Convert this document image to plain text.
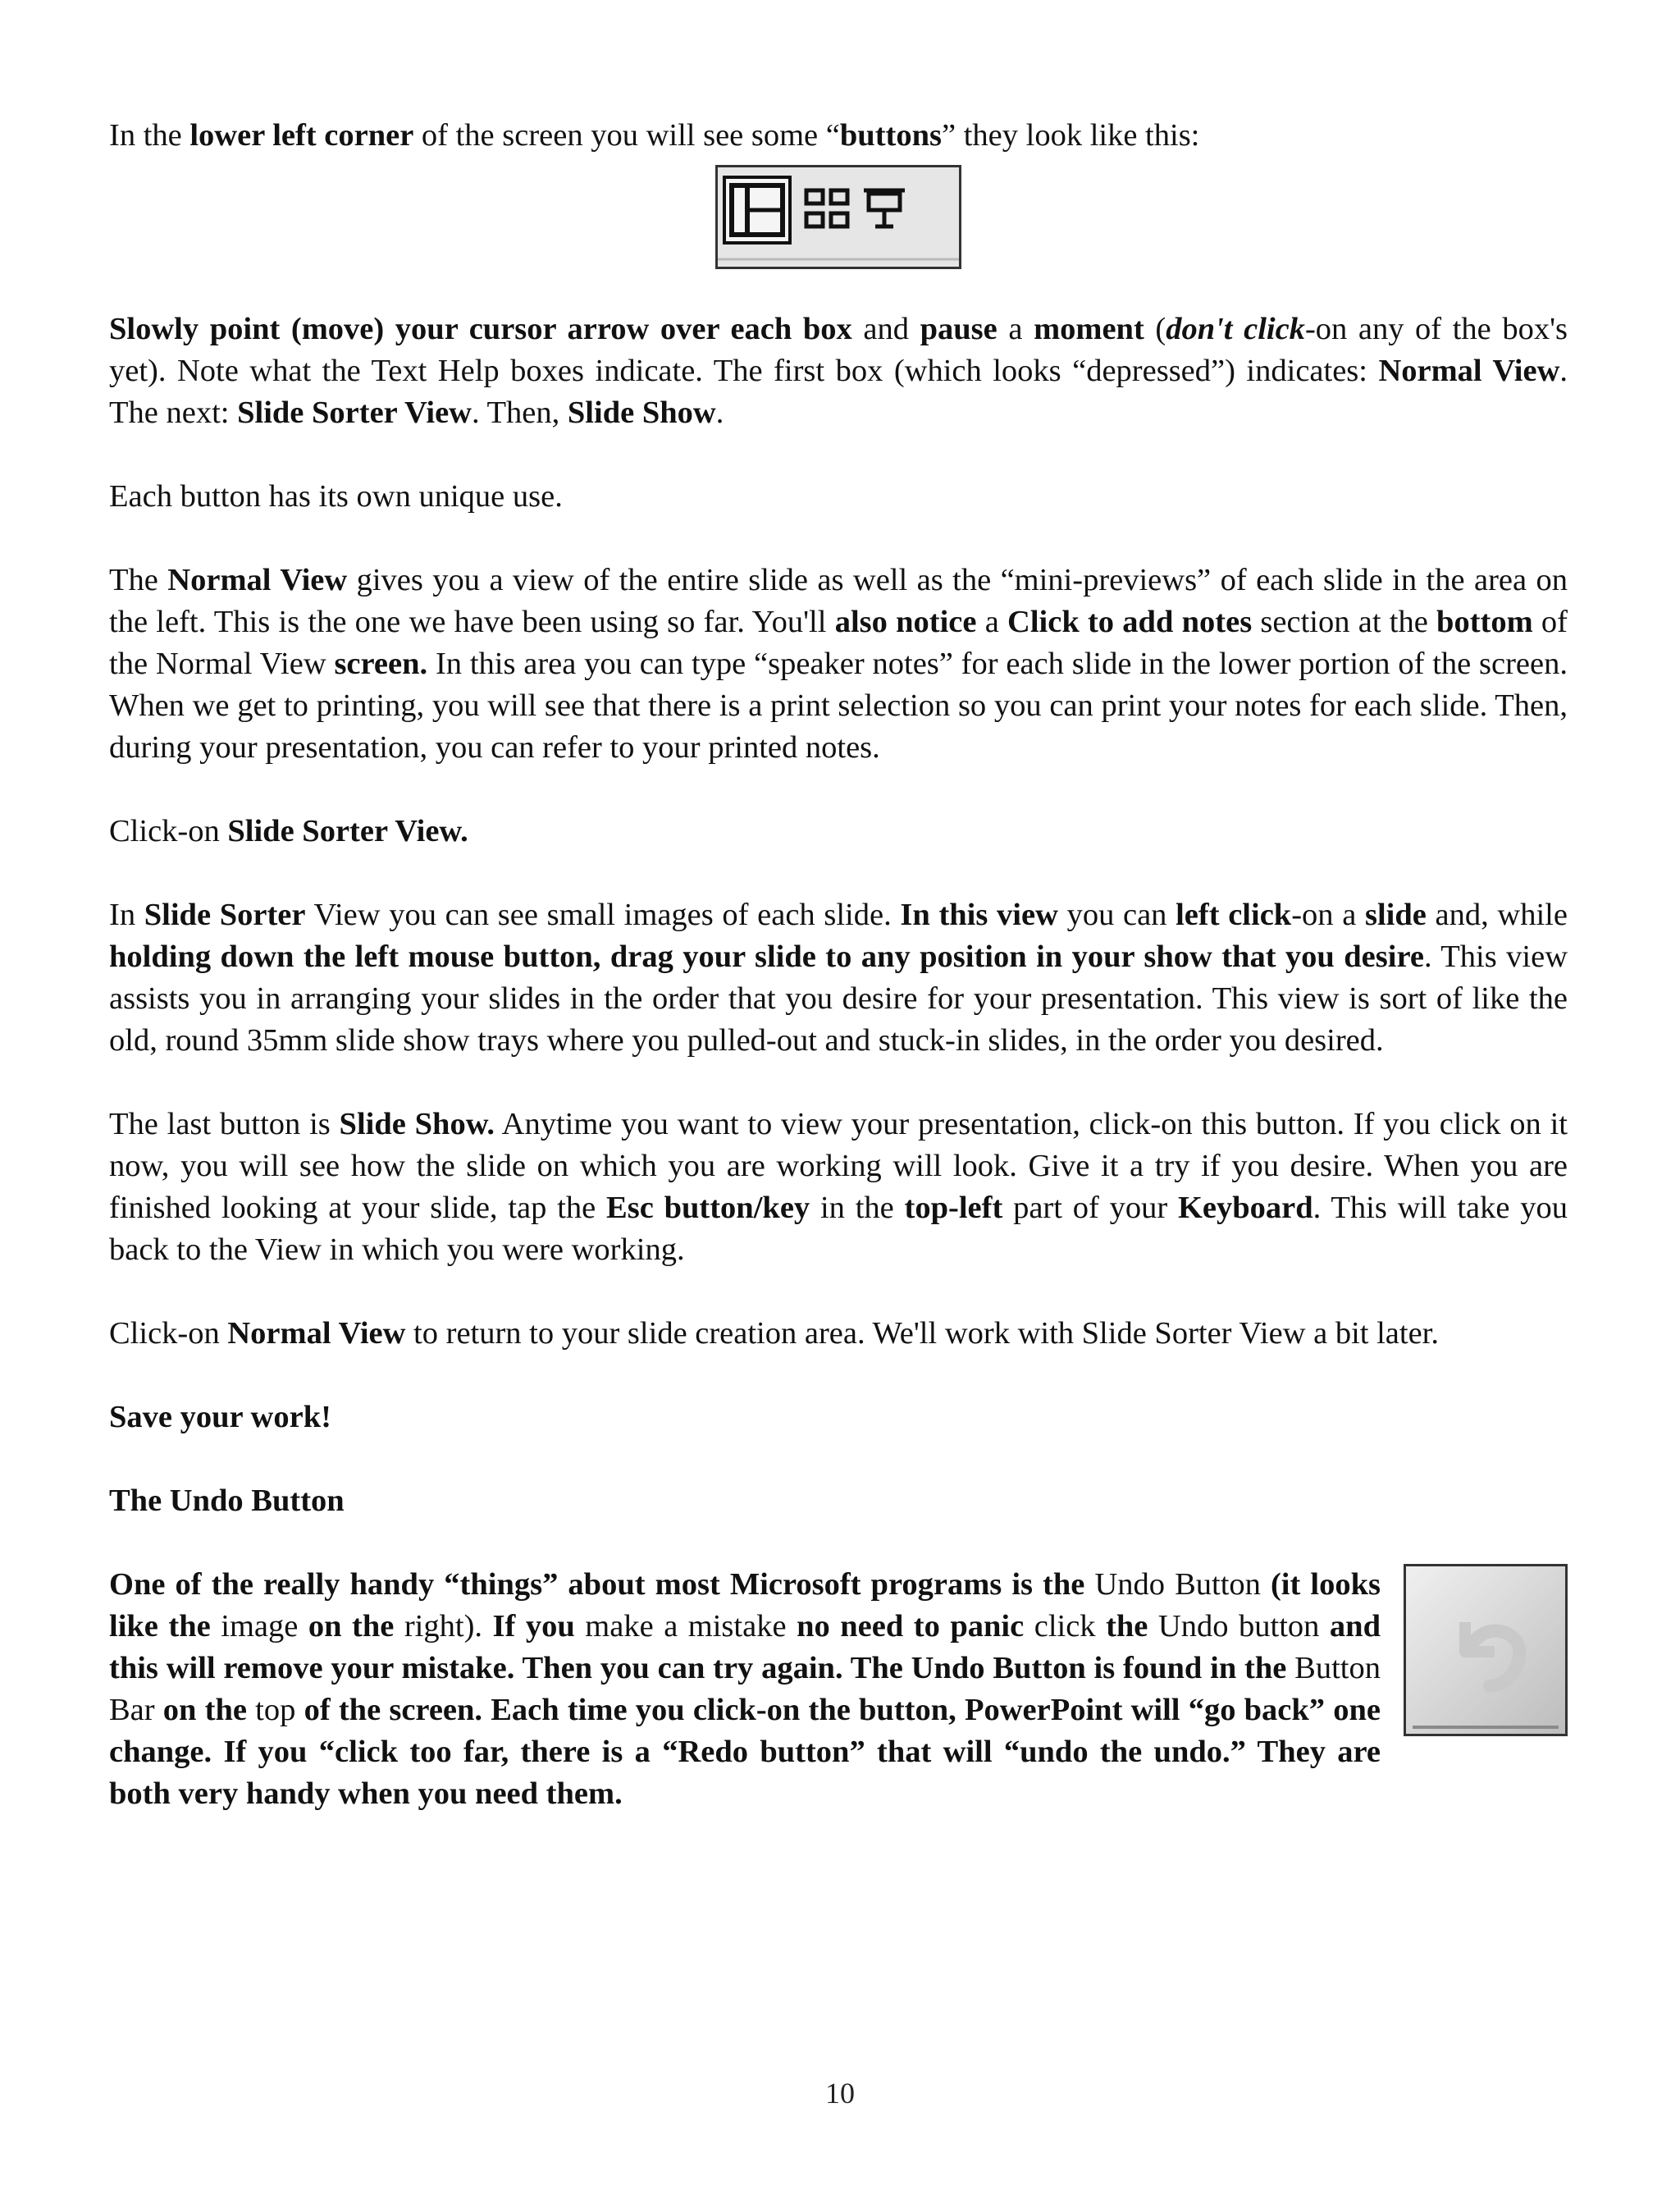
In the lower left corner of the screen you will see some “buttons” they look like this:

Slowly point (move) your cursor arrow over each box and pause a moment (don't click-on any of the box's yet). Note what the Text Help boxes indicate. The first box (which looks “depressed”) indicates: Normal View. The next: Slide Sorter View. Then, Slide Show.

Each button has its own unique use.

The Normal View gives you a view of the entire slide as well as the “mini-previews” of each slide in the area on the left. This is the one we have been using so far. You'll also notice a Click to add notes section at the bottom of the Normal View screen. In this area you can type “speaker notes” for each slide in the lower portion of the screen. When we get to printing, you will see that there is a print selection so you can print your notes for each slide. Then, during your presentation, you can refer to your printed notes.

Click-on Slide Sorter View.

In Slide Sorter View you can see small images of each slide. In this view you can left click-on a slide and, while holding down the left mouse button, drag your slide to any position in your show that you desire. This view assists you in arranging your slides in the order that you desire for your presentation. This view is sort of like the old, round 35mm slide show trays where you pulled-out and stuck-in slides, in the order you desired.

The last button is Slide Show. Anytime you want to view your presentation, click-on this button. If you click on it now, you will see how the slide on which you are working will look. Give it a try if you desire. When you are finished looking at your slide, tap the Esc button/key in the top-left part of your Keyboard. This will take you back to the View in which you were working.

Click-on Normal View to return to your slide creation area. We'll work with Slide Sorter View a bit later.

Save your work!

The Undo Button

One of the really handy “things” about most Microsoft programs is the Undo Button (it looks like the image on the right). If you make a mistake no need to panic click the Undo button and this will remove your mistake. Then you can try again. The Undo Button is found in the Button Bar on the top of the screen. Each time you click-on the button, PowerPoint will “go back” one change. If you “click too far, there is a “Redo button” that will “undo the undo.” They are both very handy when you need them.

10
